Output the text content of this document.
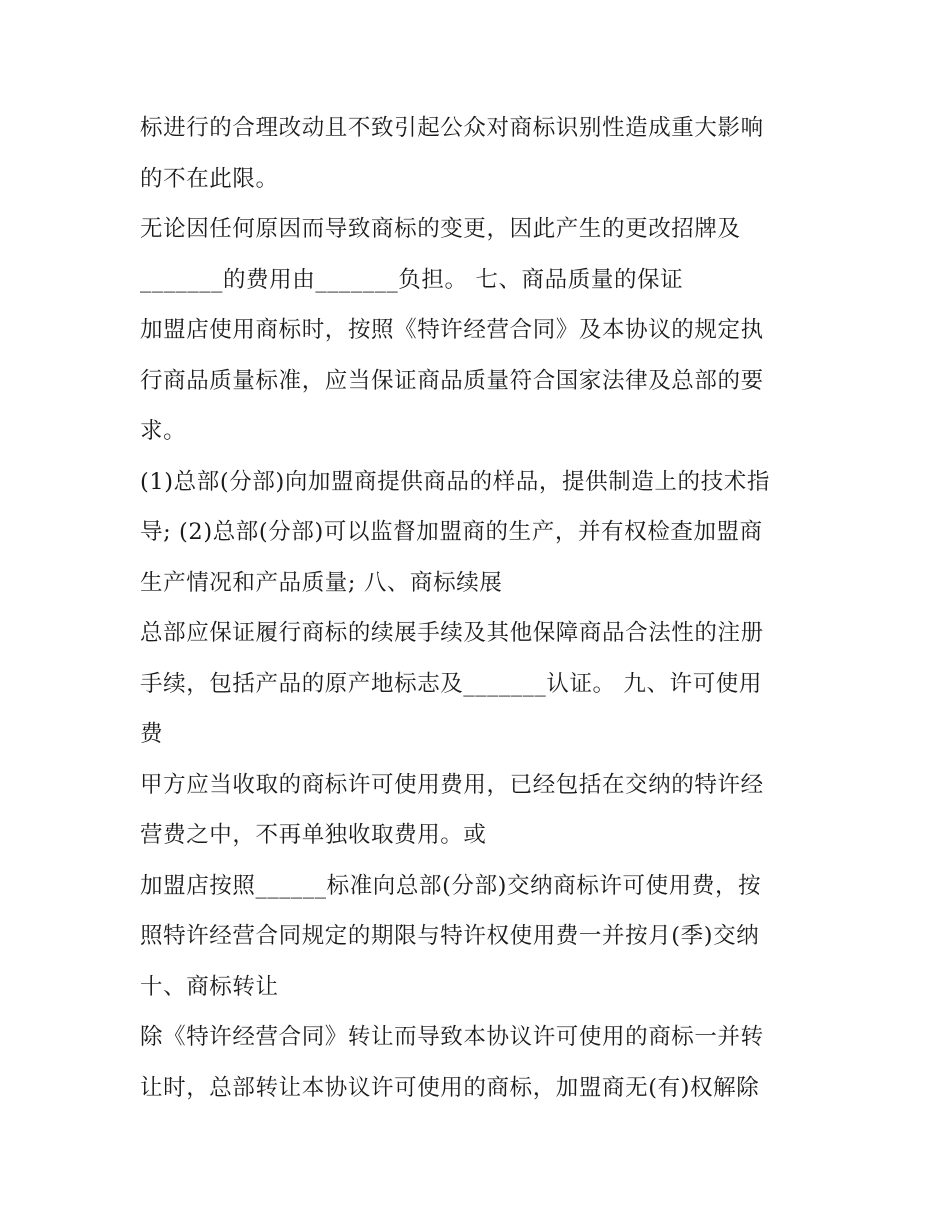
标进行的合理改动且不致引起公众对商标识别性造成重大影响
的不在此限。
无论因任何原因而导致商标的变更，因此产生的更改招牌及
_______的费用由_______负担。 七、商品质量的保证
加盟店使用商标时，按照《特许经营合同》及本协议的规定执
行商品质量标准，应当保证商品质量符合国家法律及总部的要
求。
(1)总部(分部)向加盟商提供商品的样品，提供制造上的技术指
导; (2)总部(分部)可以监督加盟商的生产，并有权检查加盟商
生产情况和产品质量; 八、商标续展
总部应保证履行商标的续展手续及其他保障商品合法性的注册
手续，包括产品的原产地标志及_______认证。 九、许可使用
费
甲方应当收取的商标许可使用费用，已经包括在交纳的特许经
营费之中，不再单独收取费用。或
加盟店按照______标准向总部(分部)交纳商标许可使用费，按
照特许经营合同规定的期限与特许权使用费一并按月(季)交纳
十、商标转让
除《特许经营合同》转让而导致本协议许可使用的商标一并转
让时，总部转让本协议许可使用的商标，加盟商无(有)权解除
